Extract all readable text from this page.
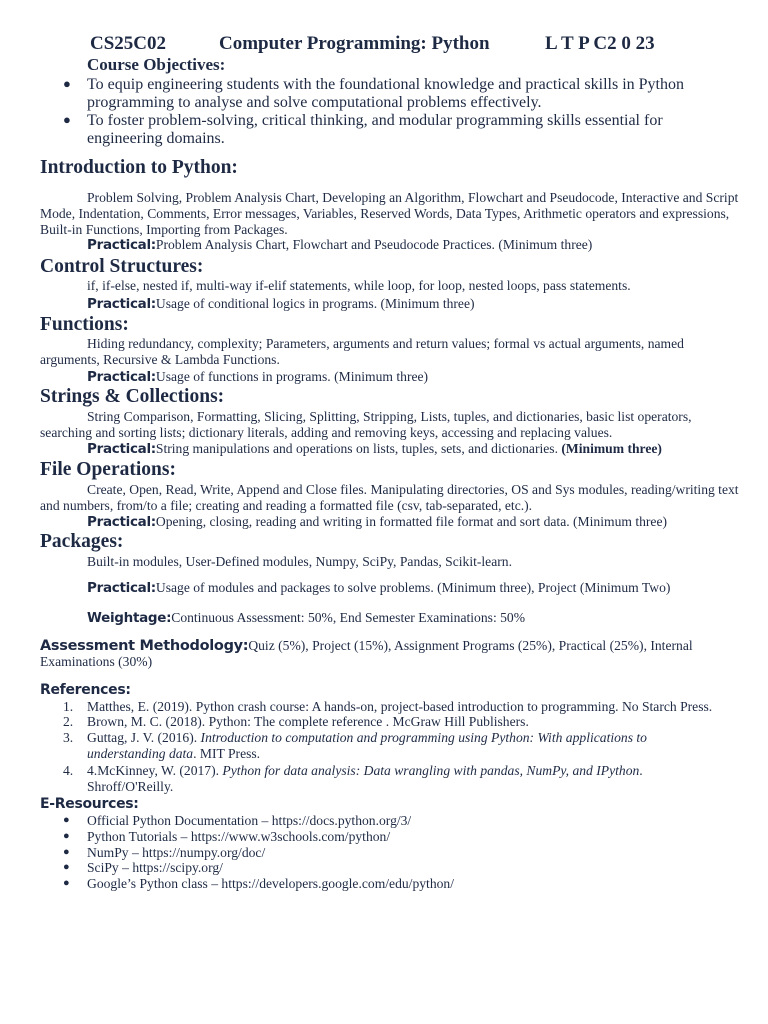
CS25C02	Computer Programming: Python	L T P C2 0 23
Course Objectives:
● To equip engineering students with the foundational knowledge and practical skills in Python programming to analyse and solve computational problems effectively.
● To foster problem-solving, critical thinking, and modular programming skills essential for engineering domains.
Introduction to Python:
Problem Solving, Problem Analysis Chart, Developing an Algorithm, Flowchart and Pseudocode, Interactive and Script Mode, Indentation, Comments, Error messages, Variables, Reserved Words, Data Types, Arithmetic operators and expressions, Built-in Functions, Importing from Packages.
Practical:Problem Analysis Chart, Flowchart and Pseudocode Practices. (Minimum three)
Control Structures:
if, if-else, nested if, multi-way if-elif statements, while loop, for loop, nested loops, pass statements.
Practical:Usage of conditional logics in programs. (Minimum three)
Functions:
Hiding redundancy, complexity; Parameters, arguments and return values; formal vs actual arguments, named arguments, Recursive & Lambda Functions.
Practical:Usage of functions in programs. (Minimum three)
Strings & Collections:
String Comparison, Formatting, Slicing, Splitting, Stripping, Lists, tuples, and dictionaries, basic list operators, searching and sorting lists; dictionary literals, adding and removing keys, accessing and replacing values.
Practical:String manipulations and operations on lists, tuples, sets, and dictionaries. (Minimum three)
File Operations:
Create, Open, Read, Write, Append and Close files. Manipulating directories, OS and Sys modules, reading/writing text and numbers, from/to a file; creating and reading a formatted file (csv, tab-separated, etc.).
Practical:Opening, closing, reading and writing in formatted file format and sort data. (Minimum three)
Packages:
Built-in modules, User-Defined modules, Numpy, SciPy, Pandas, Scikit-learn.
Practical:Usage of modules and packages to solve problems. (Minimum three), Project (Minimum Two)
Weightage:Continuous Assessment: 50%, End Semester Examinations: 50%
Assessment Methodology:Quiz (5%), Project (15%), Assignment Programs (25%), Practical (25%), Internal Examinations (30%)
References:
1. Matthes, E. (2019). Python crash course: A hands-on, project-based introduction to programming. No Starch Press.
2. Brown, M. C. (2018). Python: The complete reference . McGraw Hill Publishers.
3. Guttag, J. V. (2016). Introduction to computation and programming using Python: With applications to understanding data. MIT Press.
4. 4.McKinney, W. (2017). Python for data analysis: Data wrangling with pandas, NumPy, and IPython. Shroff/O'Reilly.
E-Resources:
● Official Python Documentation – https://docs.python.org/3/
● Python Tutorials – https://www.w3schools.com/python/
● NumPy – https://numpy.org/doc/
● SciPy – https://scipy.org/
● Google’s Python class – https://developers.google.com/edu/python/
